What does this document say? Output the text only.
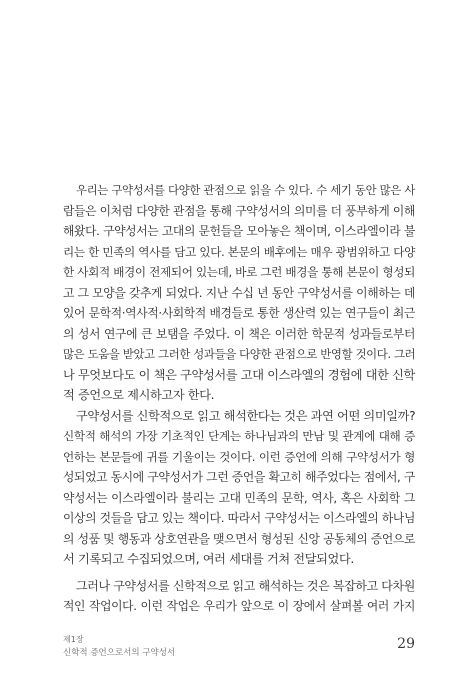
우리는 구약성서를 다양한 관점으로 읽을 수 있다. 수 세기 동안 많은 사
람들은 이처럼 다양한 관점을 통해 구약성서의 의미를 더 풍부하게 이해
해왔다. 구약성서는 고대의 문헌들을 모아놓은 책이며, 이스라엘이라 불
리는 한 민족의 역사를 담고 있다. 본문의 배후에는 매우 광범위하고 다양
한 사회적 배경이 전제되어 있는데, 바로 그런 배경을 통해 본문이 형성되
고 그 모양을 갖추게 되었다. 지난 수십 년 동안 구약성서를 이해하는 데
있어 문학적·역사적·사회학적 배경들로 통한 생산력 있는 연구들이 최근
의 성서 연구에 큰 보탬을 주었다. 이 책은 이러한 학문적 성과들로부터
많은 도움을 받았고 그러한 성과들을 다양한 관점으로 반영할 것이다. 그러
나 무엇보다도 이 책은 구약성서를 고대 이스라엘의 경험에 대한 신학
적 증언으로 제시하고자 한다.
구약성서를 신학적으로 읽고 해석한다는 것은 과연 어떤 의미일까?
신학적 해석의 가장 기초적인 단계는 하나님과의 만남 및 관계에 대해 증
언하는 본문들에 귀를 기울이는 것이다. 이런 증언에 의해 구약성서가 형
성되었고 동시에 구약성서가 그런 증언을 확고히 해주었다는 점에서, 구
약성서는 이스라엘이라 불리는 고대 민족의 문학, 역사, 혹은 사회학 그
이상의 것들을 담고 있는 책이다. 따라서 구약성서는 이스라엘의 하나님
의 성품 및 행동과 상호연관을 맺으면서 형성된 신앙 공동체의 증언으로
서 기록되고 수집되었으며, 여러 세대를 거쳐 전달되었다.
그러나 구약성서를 신학적으로 읽고 해석하는 것은 복잡하고 다차원
적인 작업이다. 이런 작업은 우리가 앞으로 이 장에서 살펴볼 여러 가지
제1장
신학적 증언으로서의 구약성서
29
